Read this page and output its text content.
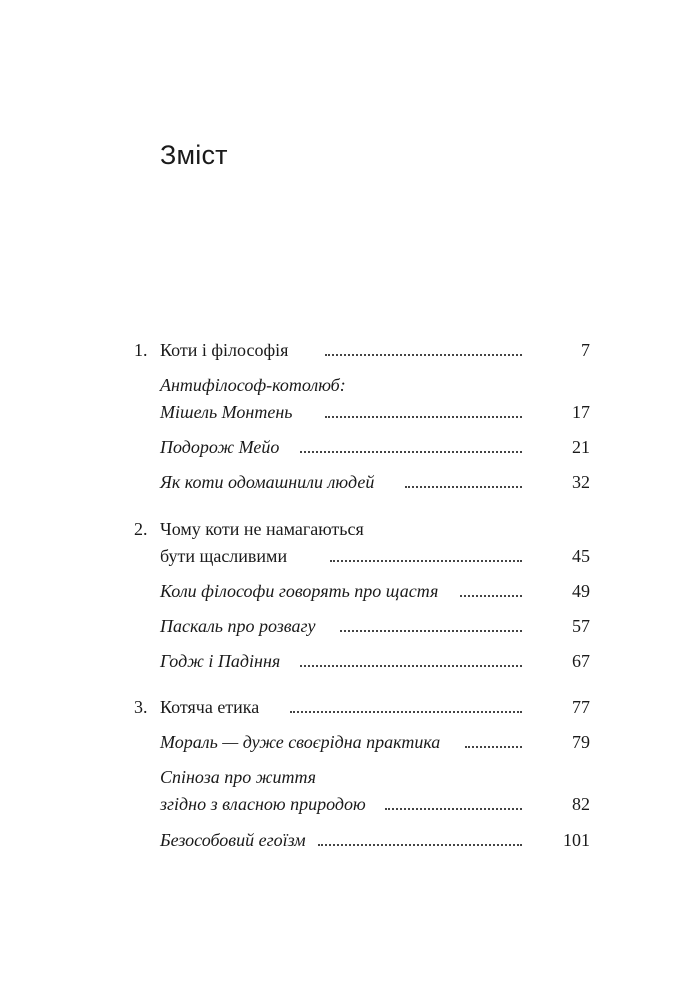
Зміст
1. Коти і філософія	7
Антифілософ-котолюб:
Мішель Монтень	17
Подорож Мейо	21
Як коти одомашнили людей	32
2. Чому коти не намагаються
бути щасливими	45
Коли філософи говорять про щастя	49
Паскаль про розвагу	57
Годж і Падіння	67
3. Котяча етика	77
Мораль — дуже своєрідна практика	79
Спіноза про життя
згідно з власною природою	82
Безособовий егоїзм	101
